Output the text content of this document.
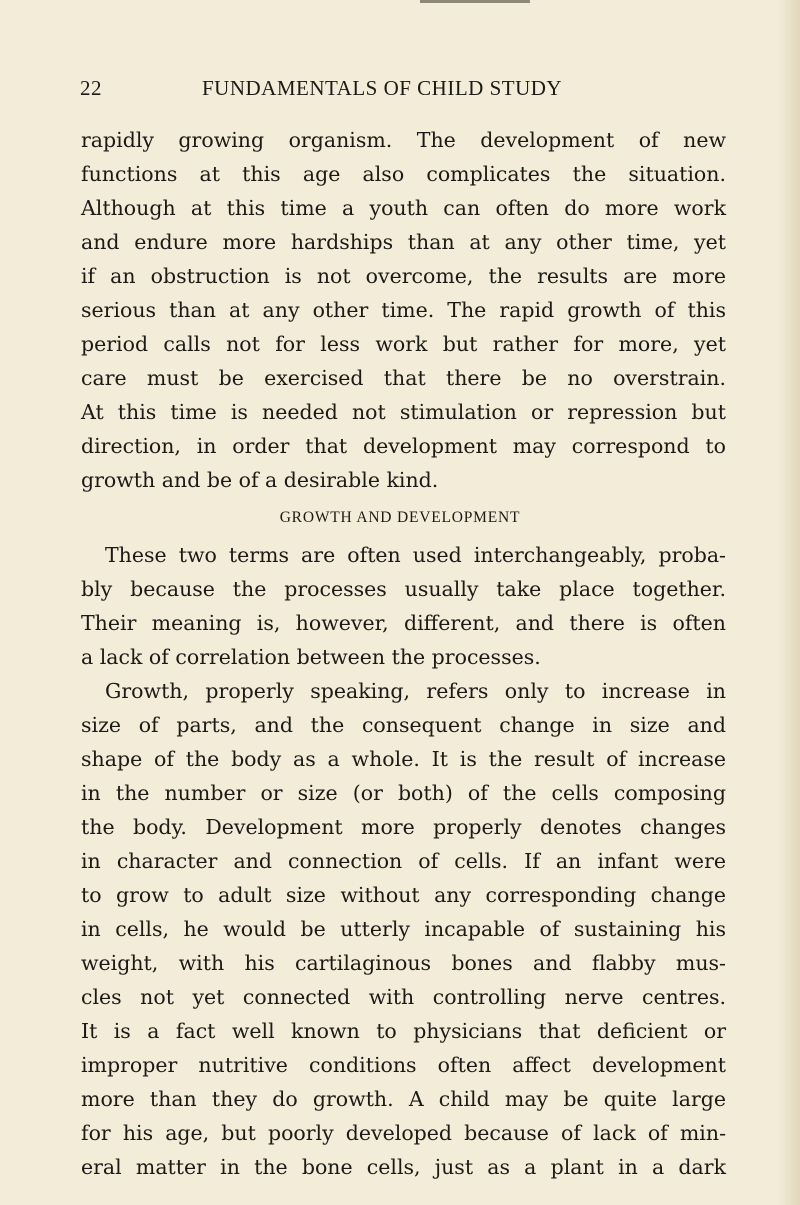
22	FUNDAMENTALS OF CHILD STUDY
rapidly growing organism. The development of new
functions at this age also complicates the situation.
Although at this time a youth can often do more work
and endure more hardships than at any other time, yet
if an obstruction is not overcome, the results are more
serious than at any other time. The rapid growth of this
period calls not for less work but rather for more, yet
care must be exercised that there be no overstrain.
At this time is needed not stimulation or repression but
direction, in order that development may correspond to
growth and be of a desirable kind.
GROWTH AND DEVELOPMENT
These two terms are often used interchangeably, proba-
bly because the processes usually take place together.
Their meaning is, however, different, and there is often
a lack of correlation between the processes.
Growth, properly speaking, refers only to increase in
size of parts, and the consequent change in size and
shape of the body as a whole. It is the result of increase
in the number or size (or both) of the cells composing
the body. Development more properly denotes changes
in character and connection of cells. If an infant were
to grow to adult size without any corresponding change
in cells, he would be utterly incapable of sustaining his
weight, with his cartilaginous bones and flabby mus-
cles not yet connected with controlling nerve centres.
It is a fact well known to physicians that deficient or
improper nutritive conditions often affect development
more than they do growth. A child may be quite large
for his age, but poorly developed because of lack of min-
eral matter in the bone cells, just as a plant in a dark
